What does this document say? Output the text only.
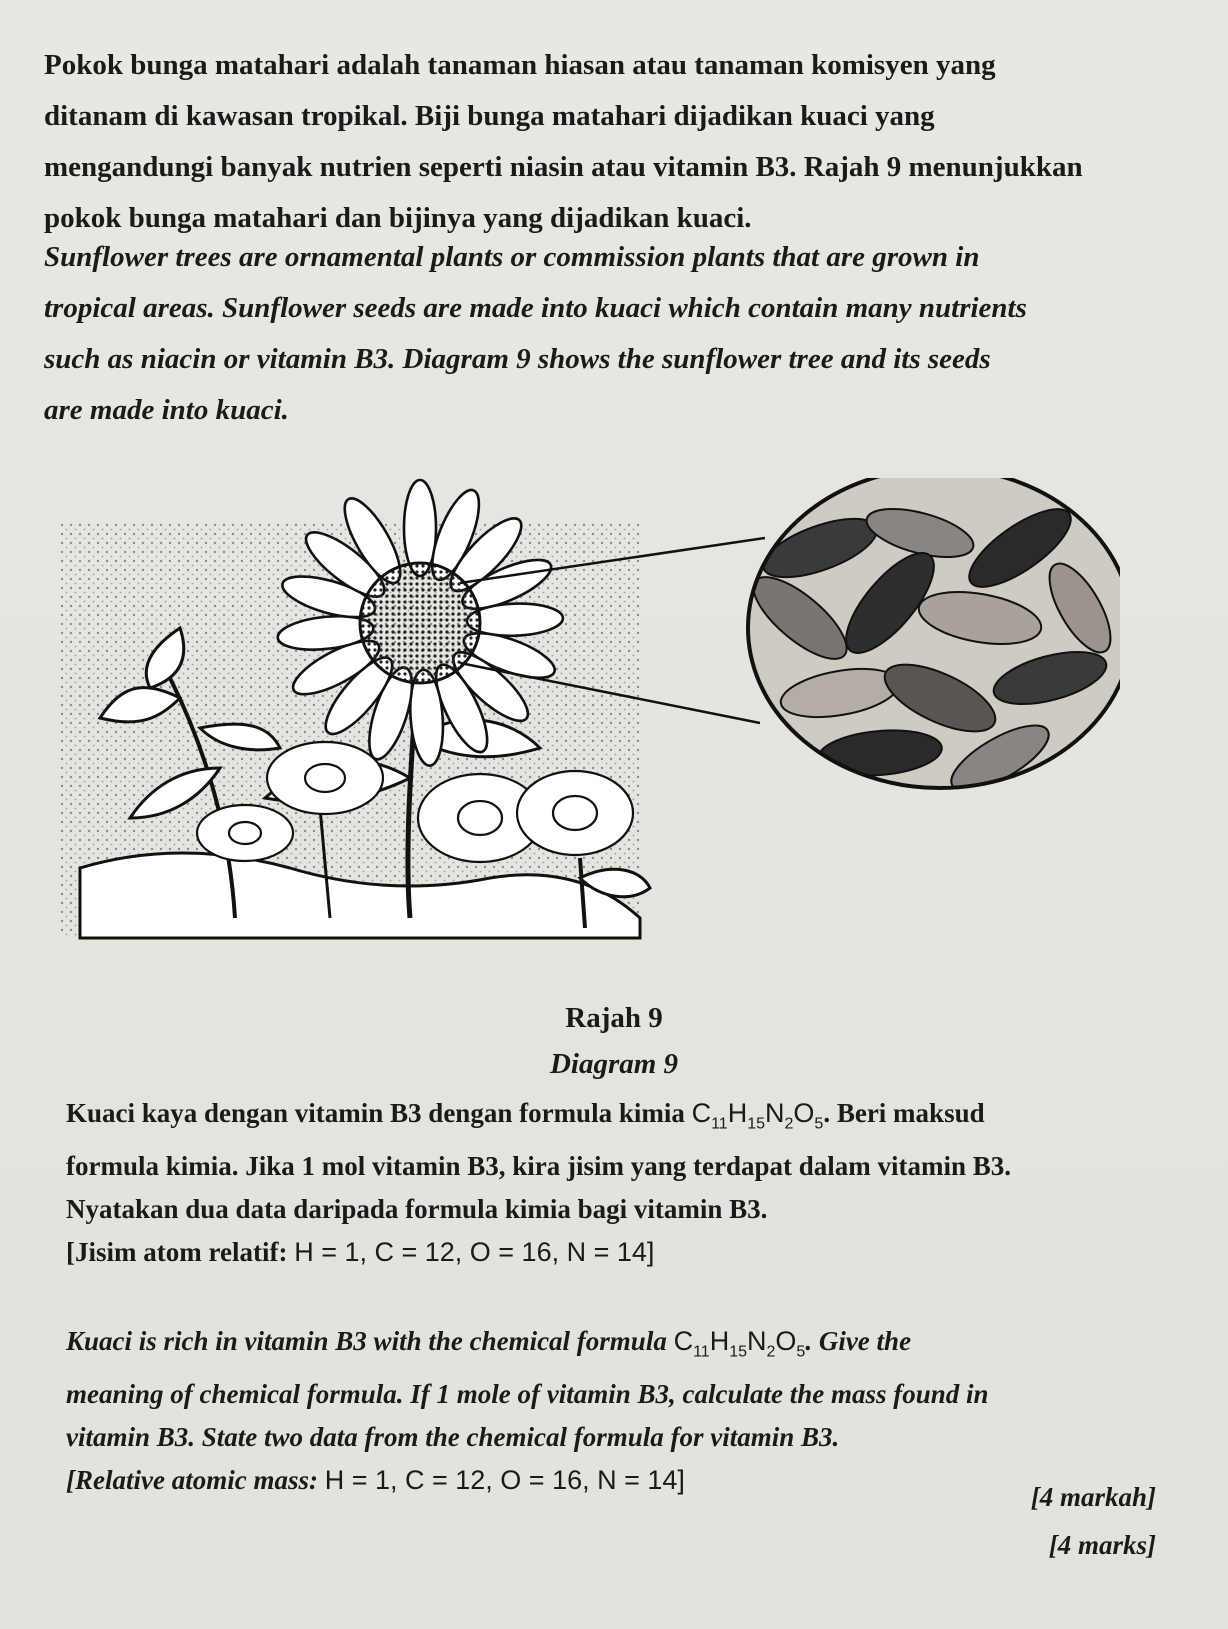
Pokok bunga matahari adalah tanaman hiasan atau tanaman komisyen yang
ditanam di kawasan tropikal. Biji bunga matahari dijadikan kuaci yang
mengandungi banyak nutrien seperti niasin atau vitamin B3. Rajah 9 menunjukkan
pokok bunga matahari dan bijinya yang dijadikan kuaci.
Sunflower trees are ornamental plants or commission plants that are grown in
tropical areas. Sunflower seeds are made into kuaci which contain many nutrients
such as niacin or vitamin B3. Diagram 9 shows the sunflower tree and its seeds
are made into kuaci.
Rajah 9
Diagram 9
Kuaci kaya dengan vitamin B3 dengan formula kimia $C_{11}H_{15}N_2O_5$. Beri maksud
formula kimia. Jika 1 mol vitamin B3, kira jisim yang terdapat dalam vitamin B3.
Nyatakan dua data daripada formula kimia bagi vitamin B3.
[Jisim atom relatif: H = 1, C = 12, O = 16, N = 14]
Kuaci is rich in vitamin B3 with the chemical formula $C_{11}H_{15}N_2O_5$. Give the
meaning of chemical formula. If 1 mole of vitamin B3, calculate the mass found in
vitamin B3. State two data from the chemical formula for vitamin B3.
[Relative atomic mass: H = 1, C = 12, O = 16, N = 14]
[4 markah]
[4 marks]
